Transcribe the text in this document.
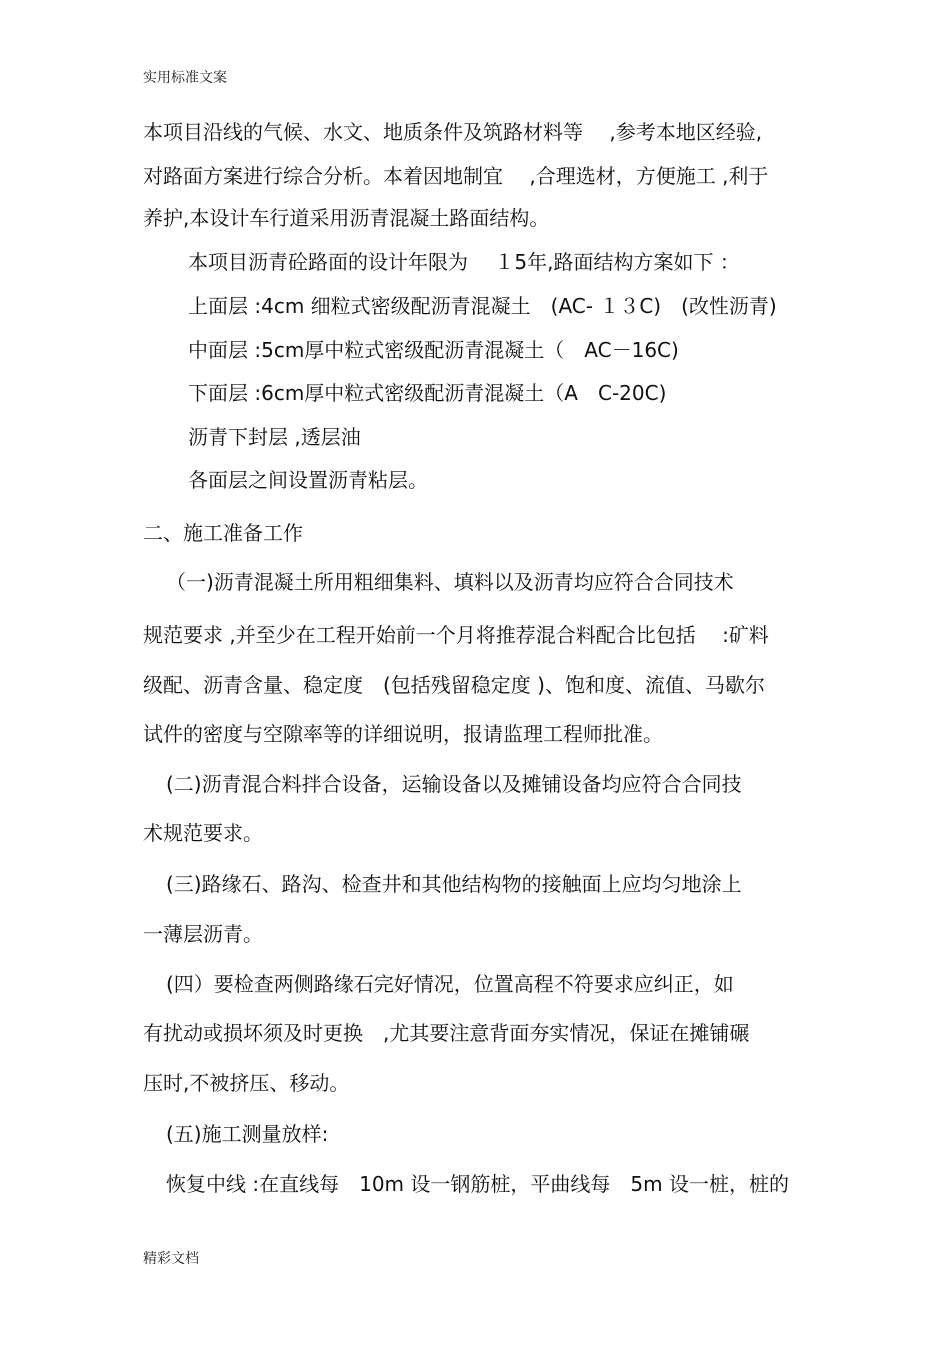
实用标准文案
本项目沿线的气候、水文、地质条件及筑路材料等　 ,参考本地区经验,
对路面方案进行综合分析。本着因地制宜　 ,合理选材，方便施工 ,利于
养护,本设计车行道采用沥青混凝土路面结构。
本项目沥青砼路面的设计年限为　 １5年,路面结构方案如下 ：
上面层 :4cm 细粒式密级配沥青混凝土　(AC- １３C)　(改性沥青)
中面层 :5cm厚中粒式密级配沥青混凝土（　AC－16C)
下面层 :6cm厚中粒式密级配沥青混凝土（A　C-20C)
沥青下封层 ,透层油
各面层之间设置沥青粘层。
二、施工准备工作
（一)沥青混凝土所用粗细集料、填料以及沥青均应符合合同技术
规范要求 ,并至少在工程开始前一个月将推荐混合料配合比包括　 :矿料
级配、沥青含量、稳定度　(包括残留稳定度 )、饱和度、流值、马歇尔
试件的密度与空隙率等的详细说明，报请监理工程师批准。
(二)沥青混合料拌合设备，运输设备以及摊铺设备均应符合合同技
术规范要求。
(三)路缘石、路沟、检查井和其他结构物的接触面上应均匀地涂上
一薄层沥青。
(四）要检查两侧路缘石完好情况，位置高程不符要求应纠正，如
有扰动或损坏须及时更换　,尤其要注意背面夯实情况，保证在摊铺碾
压时,不被挤压、移动。
(五)施工测量放样:
恢复中线 :在直线每　10m 设一钢筋桩，平曲线每　5m 设一桩，桩的
精彩文档
